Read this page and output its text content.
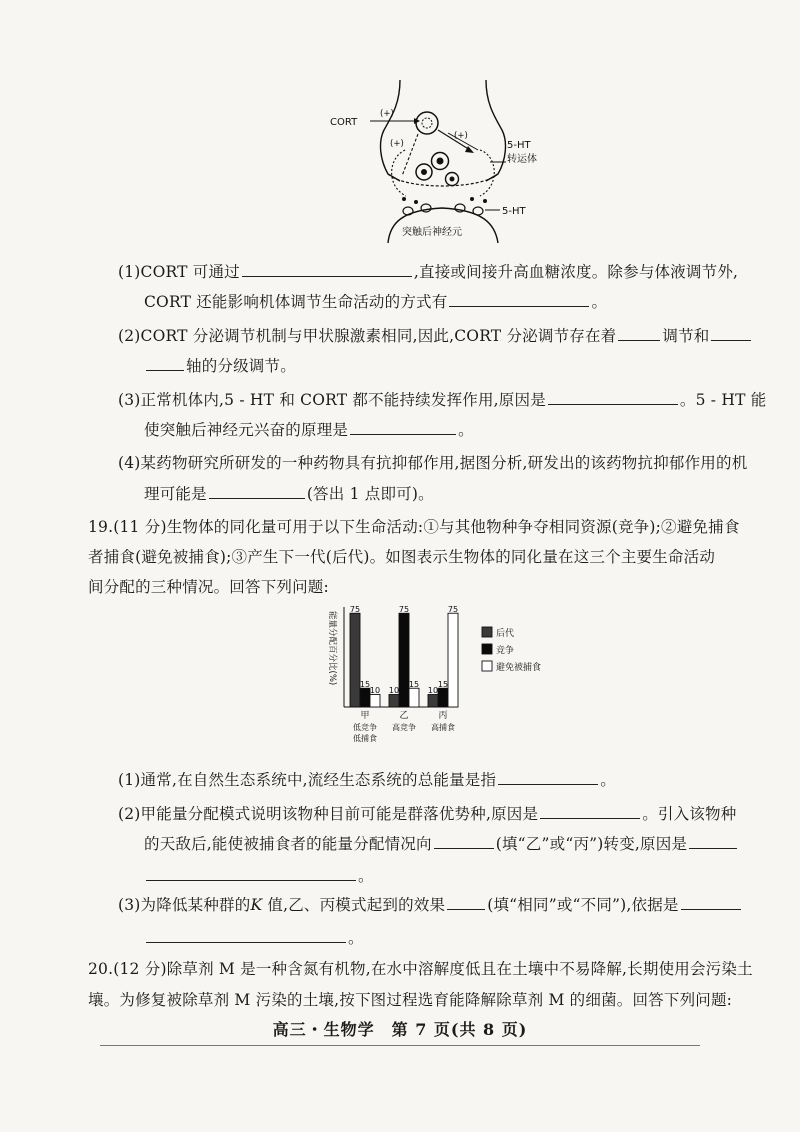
CORT
(+)
(+)
(+)	5-HT
转运体
5-HT
突触后神经元
(1)CORT 可通过	,直接或间接升高血糖浓度。除参与体液调节外,
CORT 还能影响机体调节生命活动的方式有	。
(2)CORT 分泌调节机制与甲状腺激素相同,因此,CORT 分泌调节存在着	调节和
轴的分级调节。
(3)正常机体内,5 - HT 和 CORT 都不能持续发挥作用,原因是	。5 - HT 能
使突触后神经元兴奋的原理是	。
(4)某药物研究所研发的一种药物具有抗抑郁作用,据图分析,研发出的该药物抗抑郁作用的机
理可能是	(答出 1 点即可)。
19.(11 分)生物体的同化量可用于以下生命活动:①与其他物种争夺相同资源(竞争);②避免捕食
者捕食(避免被捕食);③产生下一代(后代)。如图表示生物体的同化量在这三个主要生命活动
间分配的三种情况。回答下列问题:
能量分配百分比(%)
75
15
10
甲
低竞争
低捕食
10
75
15
乙
高竞争
10
15
75
丙
高捕食
后代
竞争
避免被捕食
(1)通常,在自然生态系统中,流经生态系统的总能量是指	。
(2)甲能量分配模式说明该物种目前可能是群落优势种,原因是	。引入该物种
的天敌后,能使被捕食者的能量分配情况向	(填“乙”或“丙”)转变,原因是
。
(3)为降低某种群的K 值,乙、丙模式起到的效果	(填“相同”或“不同”),依据是
。
20.(12 分)除草剂 M 是一种含氮有机物,在水中溶解度低且在土壤中不易降解,长期使用会污染土
壤。为修复被除草剂 M 污染的土壤,按下图过程选育能降解除草剂 M 的细菌。回答下列问题:
高三・生物学　第 7 页(共 8 页)
